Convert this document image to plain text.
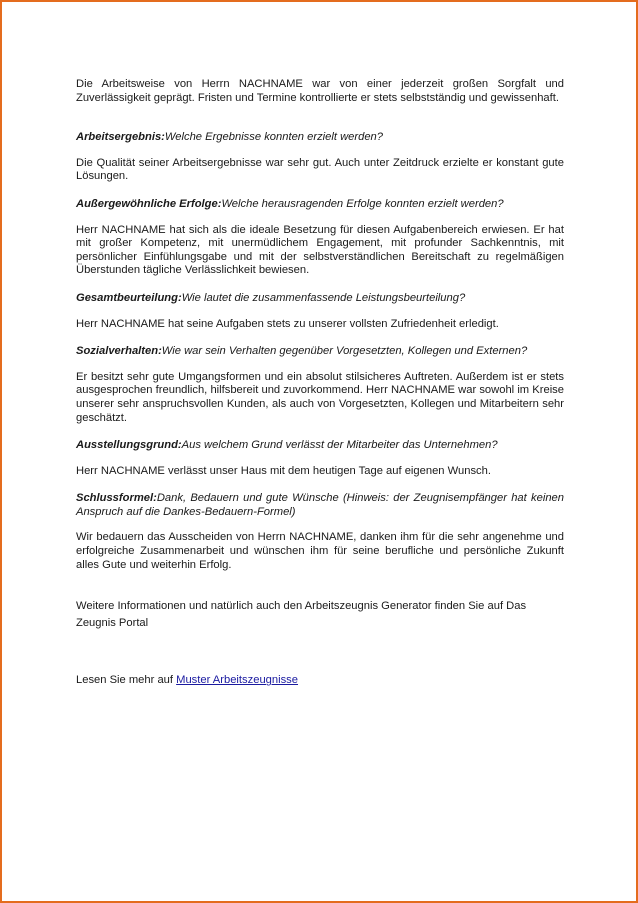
Die Arbeitsweise von Herrn NACHNAME war von einer jederzeit großen Sorgfalt und Zuverlässigkeit geprägt. Fristen und Termine kontrollierte er stets selbstständig und gewissenhaft.

Arbeitsergebnis:Welche Ergebnisse konnten erzielt werden?

Die Qualität seiner Arbeitsergebnisse war sehr gut. Auch unter Zeitdruck erzielte er konstant gute Lösungen.

Außergewöhnliche Erfolge:Welche herausragenden Erfolge konnten erzielt werden?

Herr NACHNAME hat sich als die ideale Besetzung für diesen Aufgabenbereich erwiesen. Er hat mit großer Kompetenz, mit unermüdlichem Engagement, mit profunder Sachkenntnis, mit persönlicher Einfühlungsgabe und mit der selbstverständlichen Bereitschaft zu regelmäßigen Überstunden tägliche Verlässlichkeit bewiesen.

Gesamtbeurteilung:Wie lautet die zusammenfassende Leistungsbeurteilung?

Herr NACHNAME hat seine Aufgaben stets zu unserer vollsten Zufriedenheit erledigt.

Sozialverhalten:Wie war sein Verhalten gegenüber Vorgesetzten, Kollegen und Externen?

Er besitzt sehr gute Umgangsformen und ein absolut stilsicheres Auftreten. Außerdem ist er stets ausgesprochen freundlich, hilfsbereit und zuvorkommend. Herr NACHNAME war sowohl im Kreise unserer sehr anspruchsvollen Kunden, als auch von Vorgesetzten, Kollegen und Mitarbeitern sehr geschätzt.

Ausstellungsgrund:Aus welchem Grund verlässt der Mitarbeiter das Unternehmen?

Herr NACHNAME verlässt unser Haus mit dem heutigen Tage auf eigenen Wunsch.

Schlussformel:Dank, Bedauern und gute Wünsche (Hinweis: der Zeugnisempfänger hat keinen Anspruch auf die Dankes-Bedauern-Formel)

Wir bedauern das Ausscheiden von Herrn NACHNAME, danken ihm für die sehr angenehme und erfolgreiche Zusammenarbeit und wünschen ihm für seine berufliche und persönliche Zukunft alles Gute und weiterhin Erfolg.

Weitere Informationen und natürlich auch den Arbeitszeugnis Generator finden Sie auf Das Zeugnis Portal

Lesen Sie mehr auf Muster Arbeitszeugnisse
